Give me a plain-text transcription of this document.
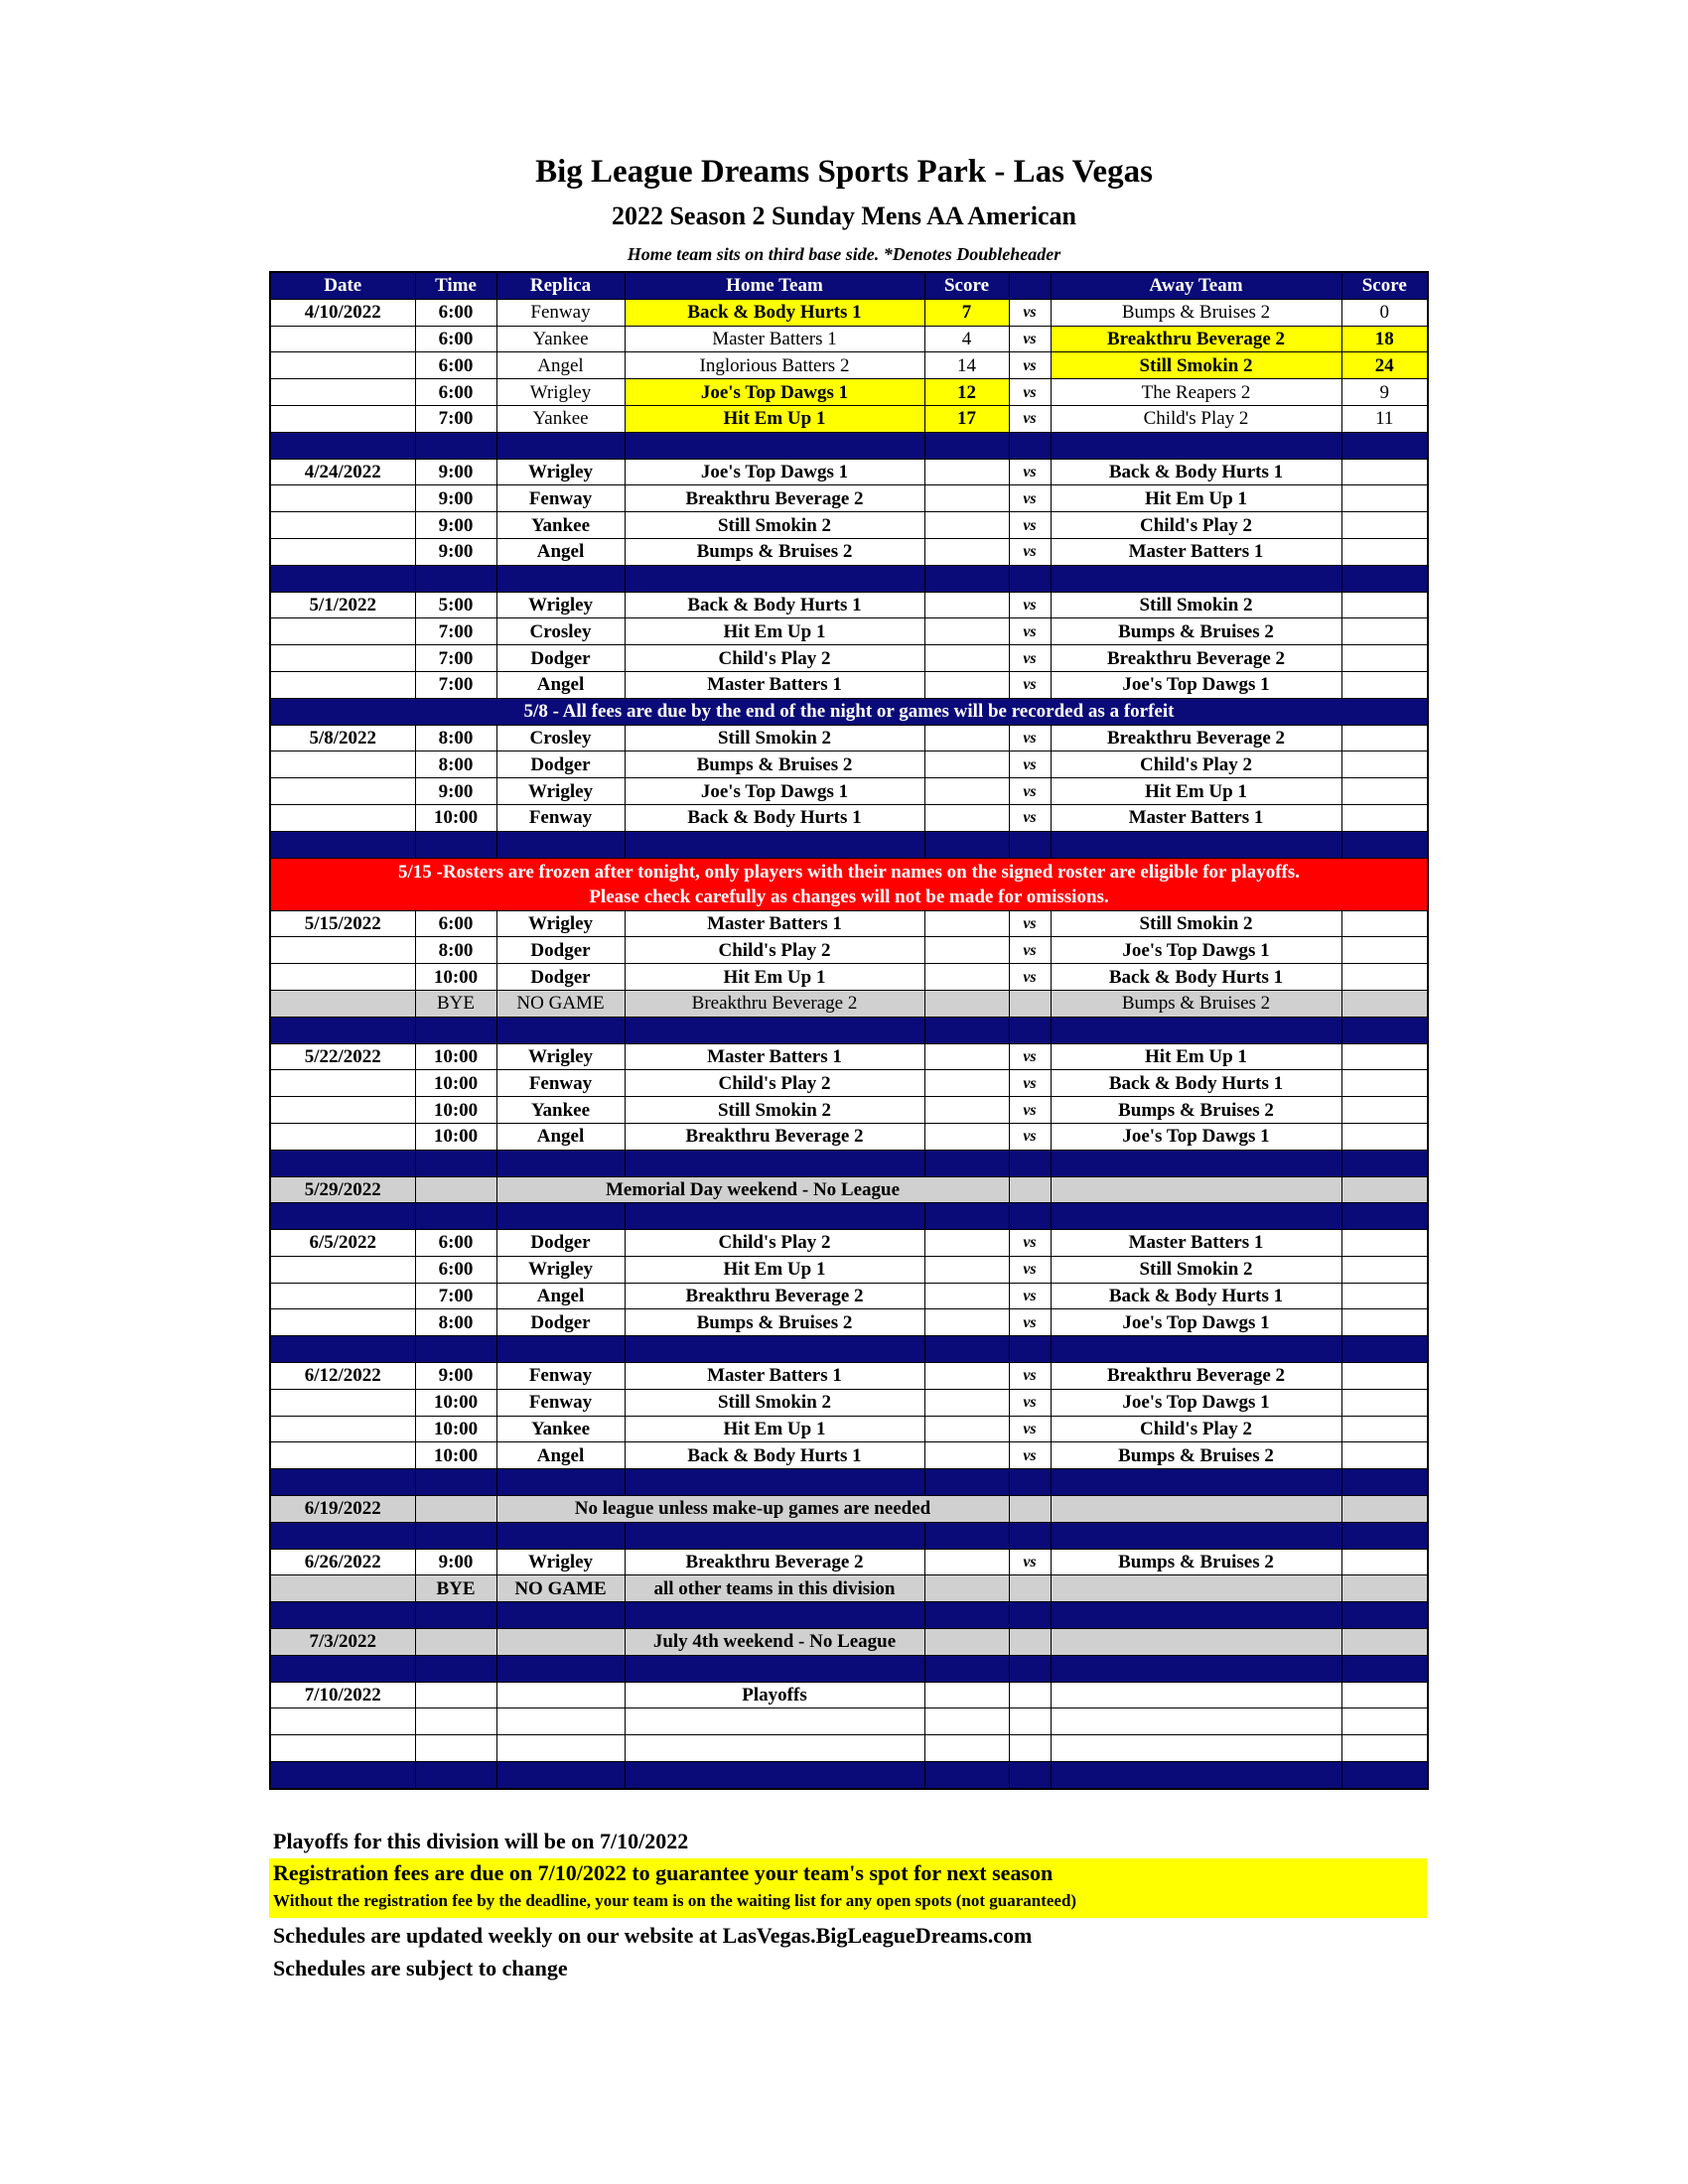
Big League Dreams Sports Park - Las Vegas
2022 Season 2 Sunday Mens AA American
Home team sits on third base side. *Denotes Doubleheader
Date	Time	Replica	Home Team	Score		Away Team	Score
4/10/2022	6:00	Fenway	Back & Body Hurts 1	7	vs	Bumps & Bruises 2	0
	6:00	Yankee	Master Batters 1	4	vs	Breakthru Beverage 2	18
	6:00	Angel	Inglorious Batters 2	14	vs	Still Smokin 2	24
	6:00	Wrigley	Joe's Top Dawgs 1	12	vs	The Reapers 2	9
	7:00	Yankee	Hit Em Up 1	17	vs	Child's Play 2	11

4/24/2022	9:00	Wrigley	Joe's Top Dawgs 1		vs	Back & Body Hurts 1	
	9:00	Fenway	Breakthru Beverage 2		vs	Hit Em Up 1	
	9:00	Yankee	Still Smokin 2		vs	Child's Play 2	
	9:00	Angel	Bumps & Bruises 2		vs	Master Batters 1	

5/1/2022	5:00	Wrigley	Back & Body Hurts 1		vs	Still Smokin 2	
	7:00	Crosley	Hit Em Up 1		vs	Bumps & Bruises 2	
	7:00	Dodger	Child's Play 2		vs	Breakthru Beverage 2	
	7:00	Angel	Master Batters 1		vs	Joe's Top Dawgs 1	
5/8 - All fees are due by the end of the night or games will be recorded as a forfeit							
5/8/2022	8:00	Crosley	Still Smokin 2		vs	Breakthru Beverage 2	
	8:00	Dodger	Bumps & Bruises 2		vs	Child's Play 2	
	9:00	Wrigley	Joe's Top Dawgs 1		vs	Hit Em Up 1	
	10:00	Fenway	Back & Body Hurts 1		vs	Master Batters 1	

5/15 -Rosters are frozen after tonight, only players with their names on the signed roster are eligible for playoffs.
Please check carefully as changes will not be made for omissions.							

5/15/2022	6:00	Wrigley	Master Batters 1		vs	Still Smokin 2	
	8:00	Dodger	Child's Play 2		vs	Joe's Top Dawgs 1	
	10:00	Dodger	Hit Em Up 1		vs	Back & Body Hurts 1	
	BYE	NO GAME	Breakthru Beverage 2			Bumps & Bruises 2	

5/22/2022	10:00	Wrigley	Master Batters 1		vs	Hit Em Up 1	
	10:00	Fenway	Child's Play 2		vs	Back & Body Hurts 1	
	10:00	Yankee	Still Smokin 2		vs	Bumps & Bruises 2	
	10:00	Angel	Breakthru Beverage 2		vs	Joe's Top Dawgs 1	

5/29/2022		Memorial Day weekend - No League					

6/5/2022	6:00	Dodger	Child's Play 2		vs	Master Batters 1	
	6:00	Wrigley	Hit Em Up 1		vs	Still Smokin 2	
	7:00	Angel	Breakthru Beverage 2		vs	Back & Body Hurts 1	
	8:00	Dodger	Bumps & Bruises 2		vs	Joe's Top Dawgs 1	

6/12/2022	9:00	Fenway	Master Batters 1		vs	Breakthru Beverage 2	
	10:00	Fenway	Still Smokin 2		vs	Joe's Top Dawgs 1	
	10:00	Yankee	Hit Em Up 1		vs	Child's Play 2	
	10:00	Angel	Back & Body Hurts 1		vs	Bumps & Bruises 2	

6/19/2022		No league unless make-up games are needed					

6/26/2022	9:00	Wrigley	Breakthru Beverage 2		vs	Bumps & Bruises 2	
	BYE	NO GAME	all other teams in this division				

7/3/2022			July 4th weekend - No League				

7/10/2022			Playoffs				

Playoffs for this division will be on 7/10/2022
Registration fees are due on 7/10/2022 to guarantee your team's spot for next season
Without the registration fee by the deadline, your team is on the waiting list for any open spots (not guaranteed)
Schedules are updated weekly on our website at LasVegas.BigLeagueDreams.com
Schedules are subject to change
